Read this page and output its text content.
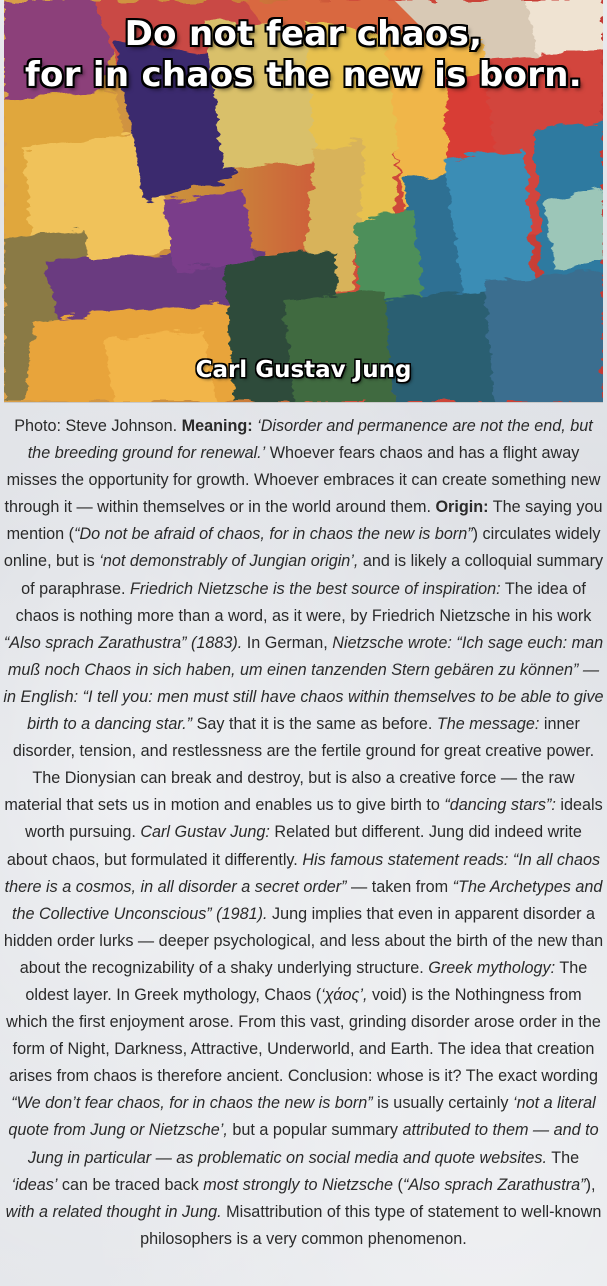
Do not fear chaos,
for in chaos the new is born.
Carl Gustav Jung
Photo: Steve Johnson. Meaning: ‘Disorder and permanence are not the end, but the breeding ground for renewal.’ Whoever fears chaos and has a flight away misses the opportunity for growth. Whoever embraces it can create something new through it — within themselves or in the world around them. Origin: The saying you mention (“Do not be afraid of chaos, for in chaos the new is born”) circulates widely online, but is ‘not demonstrably of Jungian origin’, and is likely a colloquial summary of paraphrase. Friedrich Nietzsche is the best source of inspiration: The idea of chaos is nothing more than a word, as it were, by Friedrich Nietzsche in his work “Also sprach Zarathustra” (1883). In German, Nietzsche wrote: “Ich sage euch: man muß noch Chaos in sich haben, um einen tanzenden Stern gebären zu können” — in English: “I tell you: men must still have chaos within themselves to be able to give birth to a dancing star.” Say that it is the same as before. The message: inner disorder, tension, and restlessness are the fertile ground for great creative power. The Dionysian can break and destroy, but is also a creative force — the raw material that sets us in motion and enables us to give birth to “dancing stars”: ideals worth pursuing. Carl Gustav Jung: Related but different. Jung did indeed write about chaos, but formulated it differently. His famous statement reads: “In all chaos there is a cosmos, in all disorder a secret order” — taken from “The Archetypes and the Collective Unconscious” (1981). Jung implies that even in apparent disorder a hidden order lurks — deeper psychological, and less about the birth of the new than about the recognizability of a shaky underlying structure. Greek mythology: The oldest layer. In Greek mythology, Chaos (‘χάος’, void) is the Nothingness from which the first enjoyment arose. From this vast, grinding disorder arose order in the form of Night, Darkness, Attractive, Underworld, and Earth. The idea that creation arises from chaos is therefore ancient. Conclusion: whose is it? The exact wording “We don’t fear chaos, for in chaos the new is born” is usually certainly ‘not a literal quote from Jung or Nietzsche’, but a popular summary attributed to them — and to Jung in particular — as problematic on social media and quote websites. The ‘ideas’ can be traced back most strongly to Nietzsche (“Also sprach Zarathustra”), with a related thought in Jung. Misattribution of this type of statement to well-known philosophers is a very common phenomenon.
